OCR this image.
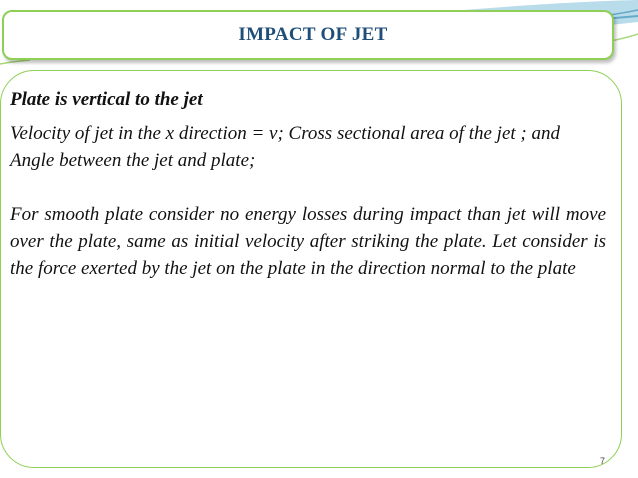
IMPACT OF JET

Plate is vertical to the jet

Velocity of jet in the x direction = v; Cross sectional area of the jet ; and Angle between the jet and plate;

For smooth plate consider no energy losses during impact than jet will move over the plate, same as initial velocity after striking the plate. Let consider is the force exerted by the jet on the plate in the direction normal to the plate

7
